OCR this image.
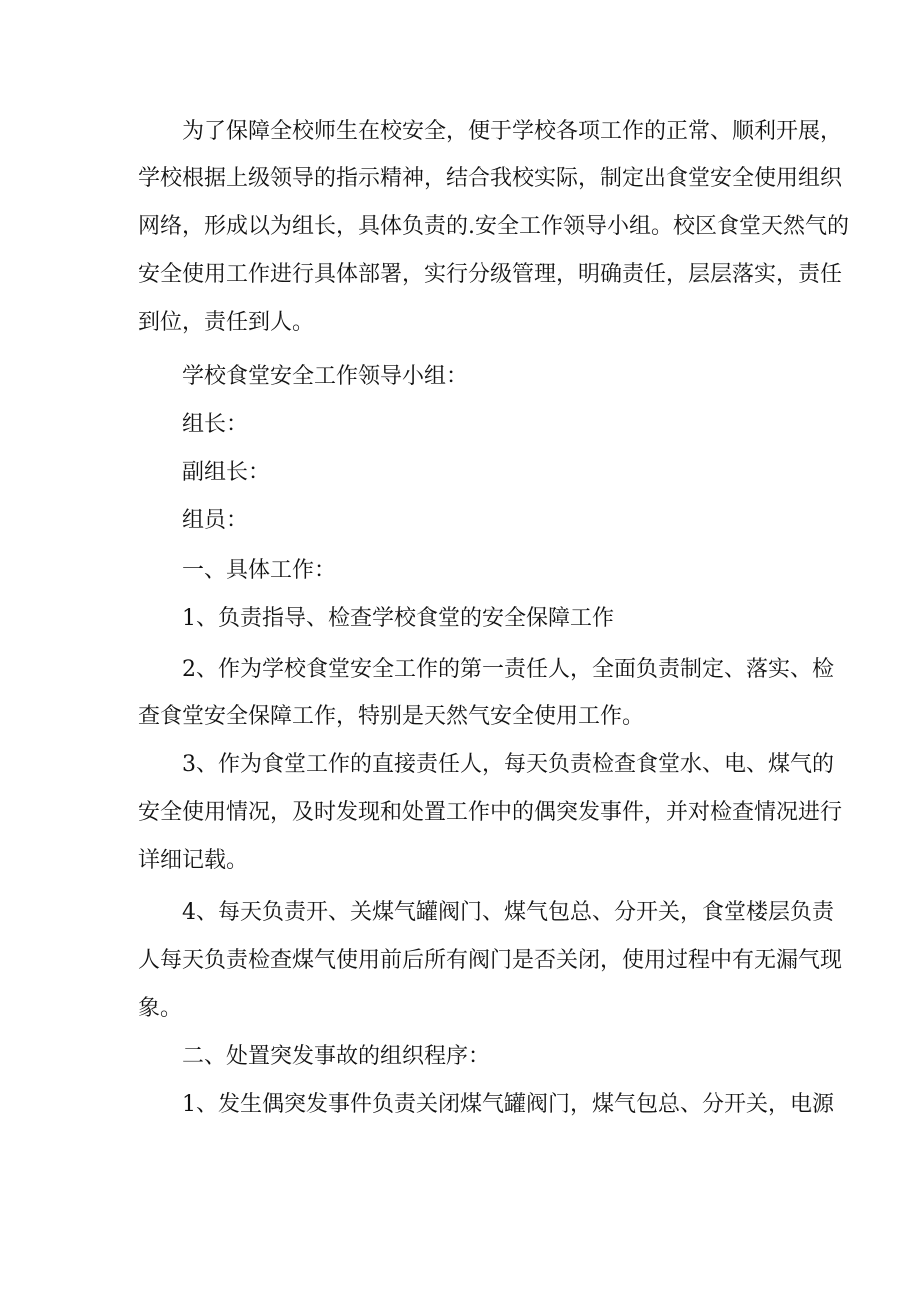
为了保障全校师生在校安全，便于学校各项工作的正常、顺利开展，
学校根据上级领导的指示精神，结合我校实际，制定出食堂安全使用组织
网络，形成以为组长，具体负责的.安全工作领导小组。校区食堂天然气的
安全使用工作进行具体部署，实行分级管理，明确责任，层层落实，责任
到位，责任到人。
学校食堂安全工作领导小组：
组长：
副组长：
组员：
一、具体工作：
1、负责指导、检查学校食堂的安全保障工作
2、作为学校食堂安全工作的第一责任人，全面负责制定、落实、检
查食堂安全保障工作，特别是天然气安全使用工作。
3、作为食堂工作的直接责任人，每天负责检查食堂水、电、煤气的
安全使用情况，及时发现和处置工作中的偶突发事件，并对检查情况进行
详细记载。
4、每天负责开、关煤气罐阀门、煤气包总、分开关，食堂楼层负责
人每天负责检查煤气使用前后所有阀门是否关闭，使用过程中有无漏气现
象。
二、处置突发事故的组织程序：
1、发生偶突发事件负责关闭煤气罐阀门，煤气包总、分开关，电源
